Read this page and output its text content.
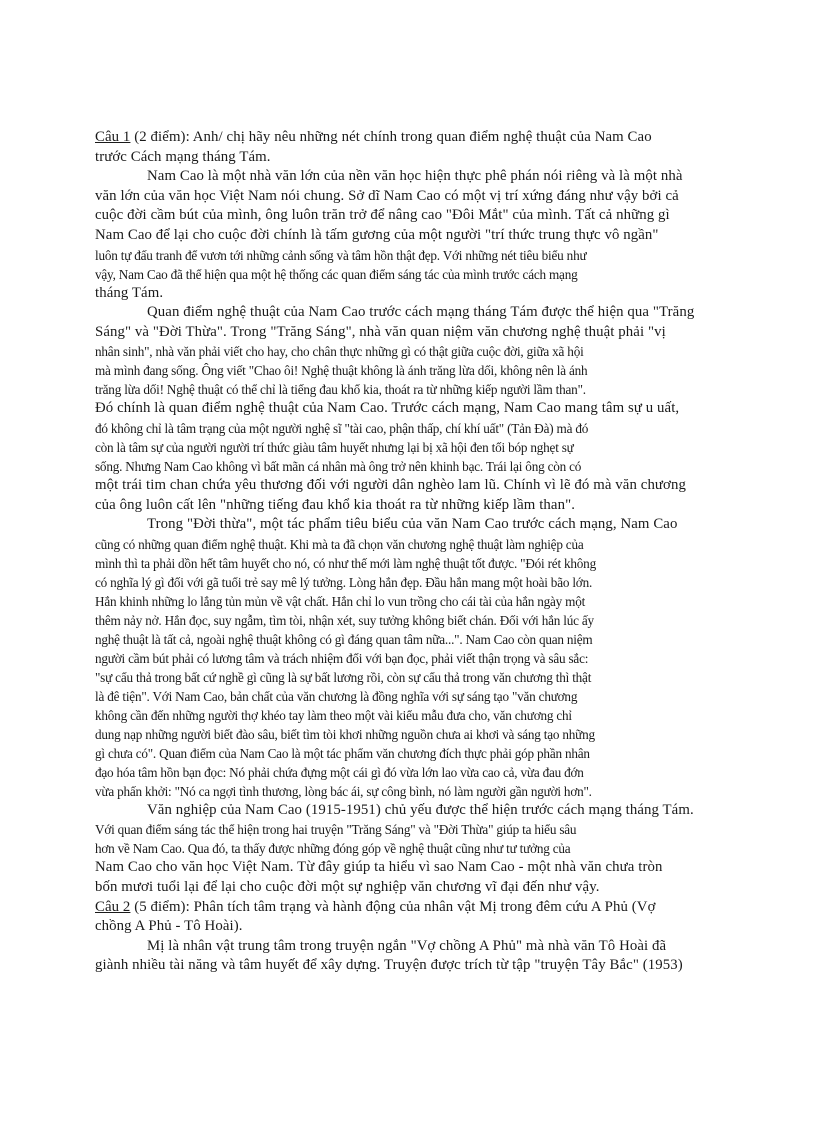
Câu 1 (2 điểm): Anh/ chị hãy nêu những nét chính trong quan điểm nghệ thuật của Nam Cao
trước Cách mạng tháng Tám.
Nam Cao là một nhà văn lớn của nền văn học hiện thực phê phán nói riêng và là một nhà
văn lớn của văn học Việt Nam nói chung. Sở dĩ Nam Cao có một vị trí xứng đáng như vậy bởi cả
cuộc đời cầm bút của mình, ông luôn trăn trở để nâng cao "Đôi Mắt" của mình. Tất cả những gì
Nam Cao để lại cho cuộc đời chính là tấm gương của một người "trí thức trung thực vô ngần"
luôn tự đấu tranh để vươn tới những cảnh sống và tâm hồn thật đẹp. Với những nét tiêu biểu như
vậy, Nam Cao đã thể hiện qua một hệ thống các quan điểm sáng tác của mình trước cách mạng
tháng Tám.
Quan điểm nghệ thuật của Nam Cao trước cách mạng tháng Tám được thể hiện qua "Trăng
Sáng" và "Đời Thừa". Trong "Trăng Sáng", nhà văn quan niệm văn chương nghệ thuật phải "vị
nhân sinh", nhà văn phải viết cho hay, cho chân thực những gì có thật giữa cuộc đời, giữa xã hội
mà mình đang sống. Ông viết "Chao ôi! Nghệ thuật không là ánh trăng lừa dối, không nên là ánh
trăng lừa dối! Nghệ thuật có thể chỉ là tiếng đau khổ kia, thoát ra từ những kiếp người lầm than".
Đó chính là quan điểm nghệ thuật của Nam Cao. Trước cách mạng, Nam Cao mang tâm sự u uất,
đó không chỉ là tâm trạng của một người nghệ sĩ "tài cao, phận thấp, chí khí uất" (Tản Đà) mà đó
còn là tâm sự của người người trí thức giàu tâm huyết nhưng lại bị xã hội đen tối bóp nghẹt sự
sống. Nhưng Nam Cao không vì bất mãn cá nhân mà ông trở nên khinh bạc. Trái lại ông còn có
một trái tim chan chứa yêu thương đối với người dân nghèo lam lũ. Chính vì lẽ đó mà văn chương
của ông luôn cất lên "những tiếng đau khổ kia thoát ra từ những kiếp lầm than".
Trong "Đời thừa", một tác phẩm tiêu biểu của văn Nam Cao trước cách mạng, Nam Cao
cũng có những quan điểm nghệ thuật. Khi mà ta đã chọn văn chương nghệ thuật làm nghiệp của
mình thì ta phải dồn hết tâm huyết cho nó, có như thế mới làm nghệ thuật tốt được. "Đói rét không
có nghĩa lý gì đối với gã tuổi trẻ say mê lý tưởng. Lòng hắn đẹp. Đầu hắn mang một hoài bão lớn.
Hắn khinh những lo lắng tủn mủn về vật chất. Hắn chỉ lo vun trồng cho cái tài của hắn ngày một
thêm nảy nở. Hắn đọc, suy ngẫm, tìm tòi, nhận xét, suy tưởng không biết chán. Đối với hắn lúc ấy
nghệ thuật là tất cả, ngoài nghệ thuật không có gì đáng quan tâm nữa...". Nam Cao còn quan niệm
người cầm bút phải có lương tâm và trách nhiệm đối với bạn đọc, phải viết thận trọng và sâu sắc:
"sự cẩu thả trong bất cứ nghề gì cũng là sự bất lương rồi, còn sự cẩu thả trong văn chương thì thật
là đê tiện". Với Nam Cao, bản chất của văn chương là đồng nghĩa với sự sáng tạo "văn chương
không cần đến những người thợ khéo tay làm theo một vài kiểu mẫu đưa cho, văn chương chỉ
dung nạp những người biết đào sâu, biết tìm tòi khơi những nguồn chưa ai khơi và sáng tạo những
gì chưa có". Quan điểm của Nam Cao là một tác phẩm văn chương đích thực phải góp phần nhân
đạo hóa tâm hồn bạn đọc: Nó phải chứa đựng một cái gì đó vừa lớn lao vừa cao cả, vừa đau đớn
vừa phấn khởi: "Nó ca ngợi tình thương, lòng bác ái, sự công bình, nó làm người gần người hơn".
Văn nghiệp của Nam Cao (1915-1951) chủ yếu được thể hiện trước cách mạng tháng Tám.
Với quan điểm sáng tác thể hiện trong hai truyện "Trăng Sáng" và "Đời Thừa" giúp ta hiểu sâu
hơn về Nam Cao. Qua đó, ta thấy được những đóng góp về nghệ thuật cũng như tư tưởng của
Nam Cao cho văn học Việt Nam. Từ đây giúp ta hiểu vì sao Nam Cao - một nhà văn chưa tròn
bốn mươi tuổi lại để lại cho cuộc đời một sự nghiệp văn chương vĩ đại đến như vậy.
Câu 2 (5 điểm): Phân tích tâm trạng và hành động của nhân vật Mị trong đêm cứu A Phủ (Vợ
chồng A Phủ - Tô Hoài).
Mị là nhân vật trung tâm trong truyện ngắn "Vợ chồng A Phủ" mà nhà văn Tô Hoài đã
giành nhiều tài năng và tâm huyết để xây dựng. Truyện được trích từ tập "truyện Tây Bắc" (1953)
